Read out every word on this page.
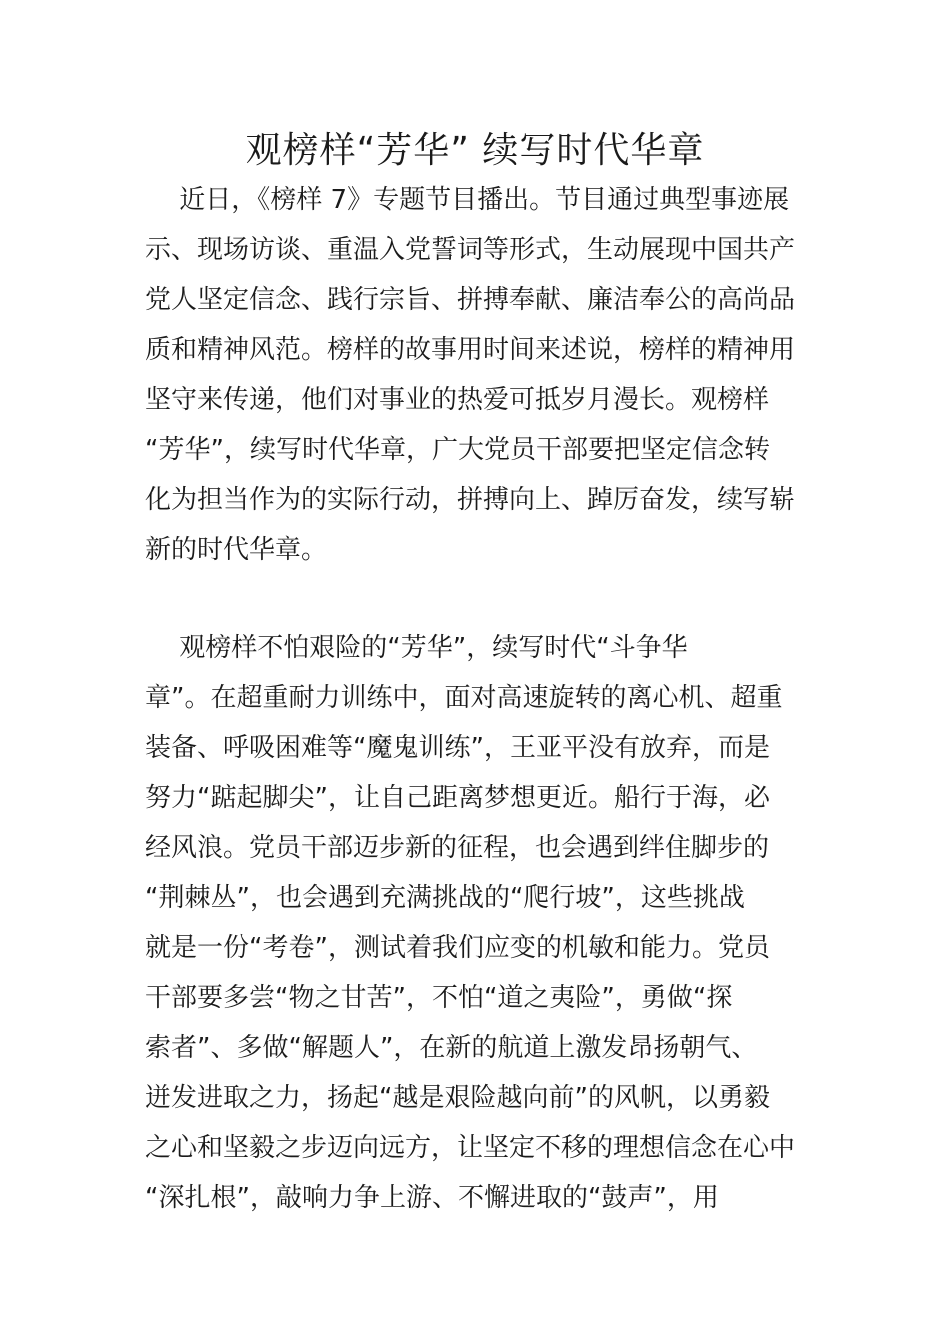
观榜样“芳华” 续写时代华章
　 近日，《榜样 7》专题节目播出。节目通过典型事迹展
示、现场访谈、重温入党誓词等形式，生动展现中国共产
党人坚定信念、践行宗旨、拼搏奉献、廉洁奉公的高尚品
质和精神风范。榜样的故事用时间来述说，榜样的精神用
坚守来传递，他们对事业的热爱可抵岁月漫长。观榜样
“芳华”，续写时代华章，广大党员干部要把坚定信念转
化为担当作为的实际行动，拼搏向上、踔厉奋发，续写崭
新的时代华章。
　 观榜样不怕艰险的“芳华”，续写时代“斗争华
章”。在超重耐力训练中，面对高速旋转的离心机、超重
装备、呼吸困难等“魔鬼训练”，王亚平没有放弃，而是
努力“踮起脚尖”，让自己距离梦想更近。船行于海，必
经风浪。党员干部迈步新的征程，也会遇到绊住脚步的
“荆棘丛”，也会遇到充满挑战的“爬行坡”，这些挑战
就是一份“考卷”，测试着我们应变的机敏和能力。党员
干部要多尝“物之甘苦”，不怕“道之夷险”，勇做“探
索者”、多做“解题人”，在新的航道上激发昂扬朝气、
迸发进取之力，扬起“越是艰险越向前”的风帆，以勇毅
之心和坚毅之步迈向远方，让坚定不移的理想信念在心中
“深扎根”，敲响力争上游、不懈进取的“鼓声”，用
